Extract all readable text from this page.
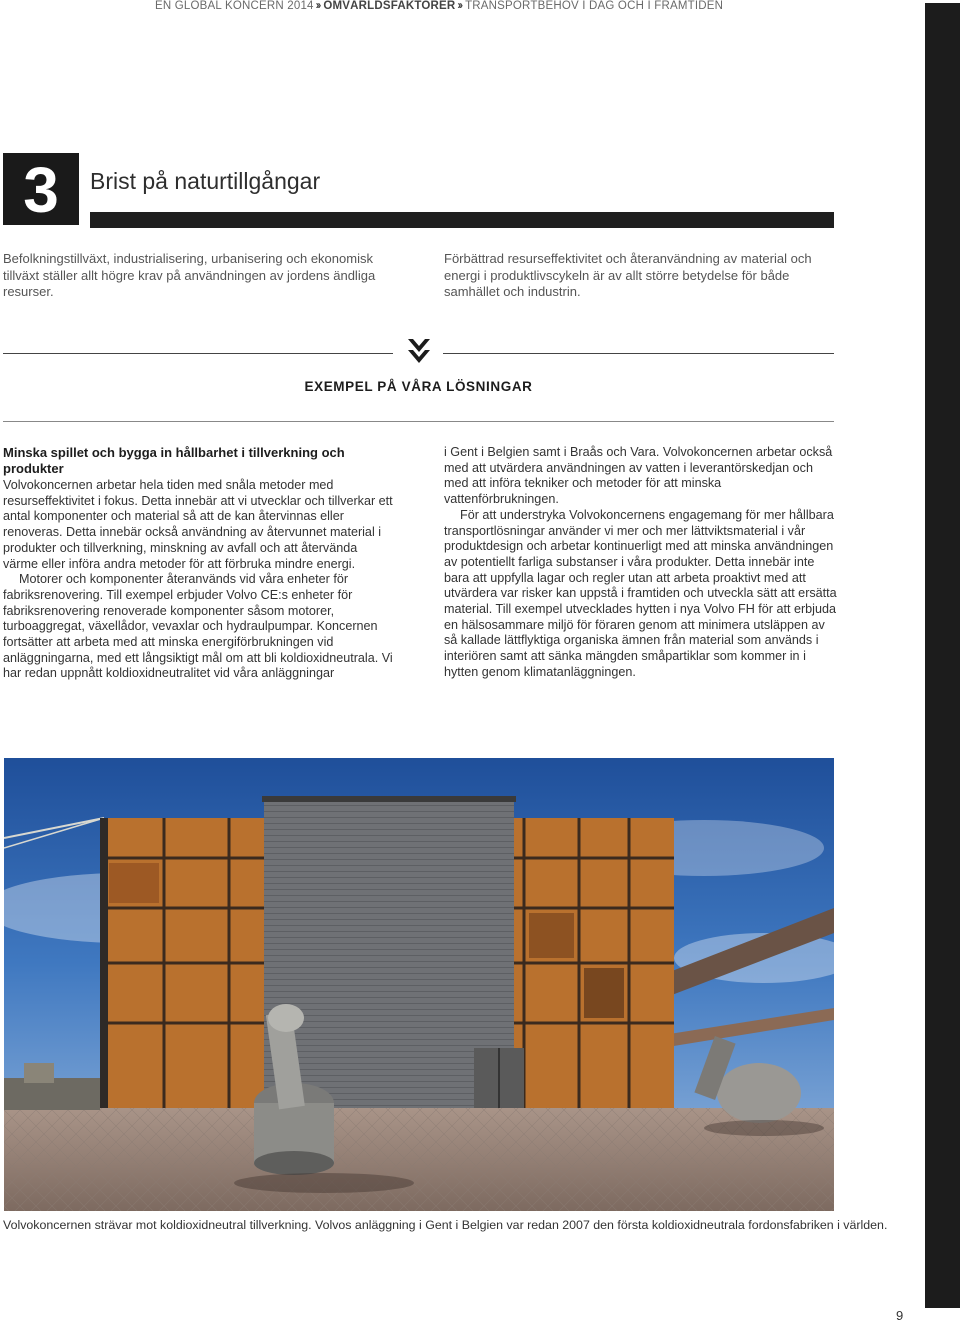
EN GLOBAL KONCERN 2014 ›› OMVÄRLDSFAKTORER ›› TRANSPORTBEHOV I DAG OCH I FRAMTIDEN
3	Brist på naturtillgångar
Befolkningstillväxt, industrialisering, urbanisering och ekonomisk tillväxt ställer allt högre krav på användningen av jordens ändliga resurser.
Förbättrad resurseffektivitet och återanvändning av material och energi i produktlivscykeln är av allt större betydelse för både samhället och industrin.
EXEMPEL PÅ VÅRA LÖSNINGAR
Minska spillet och bygga in hållbarhet i tillverkning och produkter

Volvokoncernen arbetar hela tiden med snåla metoder med resurseffektivitet i fokus. Detta innebär att vi utvecklar och tillverkar ett antal komponenter och material så att de kan återvinnas eller renoveras. Detta innebär också användning av återvunnet material i produkter och tillverkning, minskning av avfall och att återvända värme eller införa andra metoder för att förbruka mindre energi.

Motorer och komponenter återanvänds vid våra enheter för fabriksrenovering. Till exempel erbjuder Volvo CE:s enheter för fabriksrenovering renoverade komponenter såsom motorer, turboaggregat, växellådor, vevaxlar och hydraulpumpar. Koncernen fortsätter att arbeta med att minska energiförbrukningen vid anläggningarna, med ett långsiktigt mål om att bli koldioxidneutrala. Vi har redan uppnått koldioxidneutralitet vid våra anläggningar

i Gent i Belgien samt i Braås och Vara. Volvokoncernen arbetar också med att utvärdera användningen av vatten i leverantörskedjan och med att införa tekniker och metoder för att minska vattenförbrukningen.

För att understryka Volvokoncernens engagemang för mer hållbara transportlösningar använder vi mer och mer lättviktsmaterial i vår produktdesign och arbetar kontinuerligt med att minska användningen av potentiellt farliga substanser i våra produkter. Detta innebär inte bara att uppfylla lagar och regler utan att arbeta proaktivt med att utvärdera var risker kan uppstå i framtiden och utveckla sätt att ersätta material. Till exempel utvecklades hytten i nya Volvo FH för att erbjuda en hälsosammare miljö för föraren genom att minimera utsläppen av så kallade lättflyktiga organiska ämnen från material som används i interiören samt att sänka mängden småpartiklar som kommer in i hytten genom klimatanläggningen.

Volvokoncernen strävar mot koldioxidneutral tillverkning. Volvos anläggning i Gent i Belgien var redan 2007 den första koldioxidneutrala fordonsfabriken i världen.
9
